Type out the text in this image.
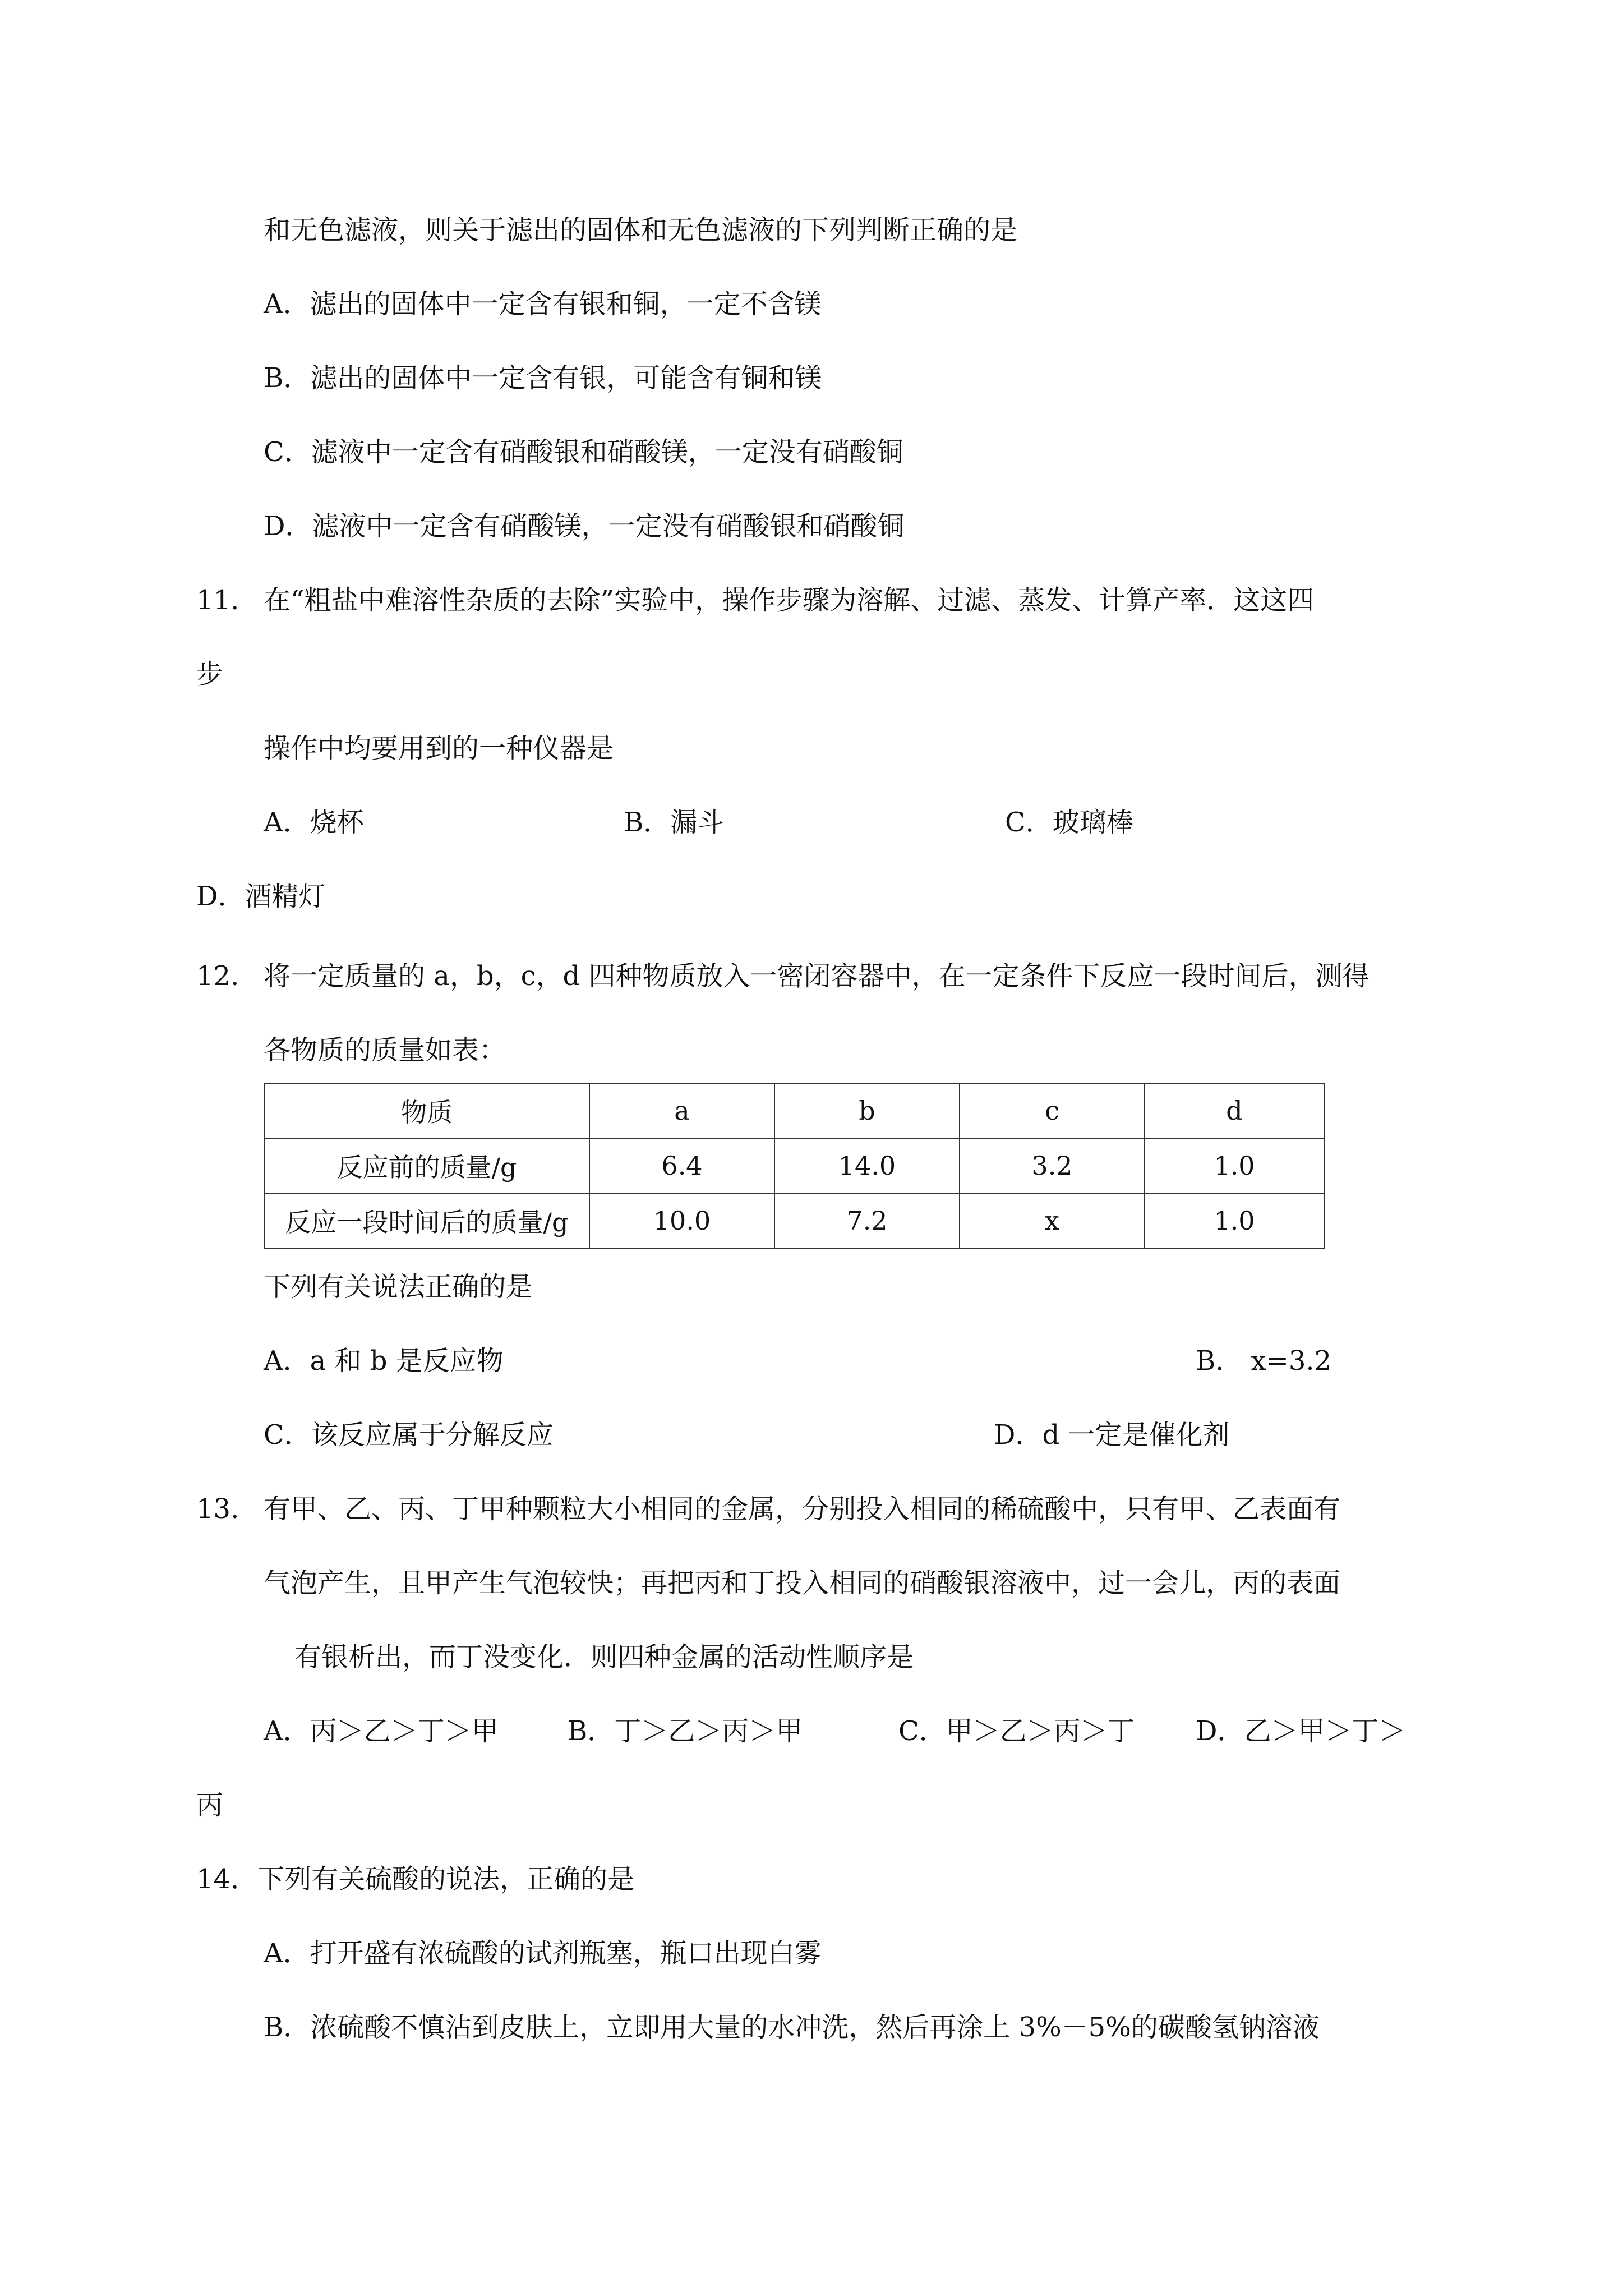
和无色滤液，则关于滤出的固体和无色滤液的下列判断正确的是
A．滤出的固体中一定含有银和铜，一定不含镁
B．滤出的固体中一定含有银，可能含有铜和镁
C．滤液中一定含有硝酸银和硝酸镁，一定没有硝酸铜
D．滤液中一定含有硝酸镁，一定没有硝酸银和硝酸铜
11. 在“粗盐中难溶性杂质的去除”实验中，操作步骤为溶解、过滤、蒸发、计算产率．这这四
步
操作中均要用到的一种仪器是
A．烧杯	B．漏斗	C．玻璃棒
D．酒精灯
12. 将一定质量的 a，b，c，d 四种物质放入一密闭容器中，在一定条件下反应一段时间后，测得
各物质的质量如表：
物质	a	b	c	d
反应前的质量/g	6.4	14.0	3.2	1.0
反应一段时间后的质量/g	10.0	7.2	x	1.0
下列有关说法正确的是
A．a 和 b 是反应物	B． x=3.2
C．该反应属于分解反应	D．d 一定是催化剂
13. 有甲、乙、丙、丁甲种颗粒大小相同的金属，分别投入相同的稀硫酸中，只有甲、乙表面有
气泡产生，且甲产生气泡较快；再把丙和丁投入相同的硝酸银溶液中，过一会儿，丙的表面
有银析出，而丁没变化．则四种金属的活动性顺序是
A．丙＞乙＞丁＞甲	B．丁＞乙＞丙＞甲	C．甲＞乙＞丙＞丁 D．乙＞甲＞丁＞
丙
14．下列有关硫酸的说法，正确的是
A．打开盛有浓硫酸的试剂瓶塞，瓶口出现白雾
B．浓硫酸不慎沾到皮肤上，立即用大量的水冲洗，然后再涂上 3%－5%的碳酸氢钠溶液
